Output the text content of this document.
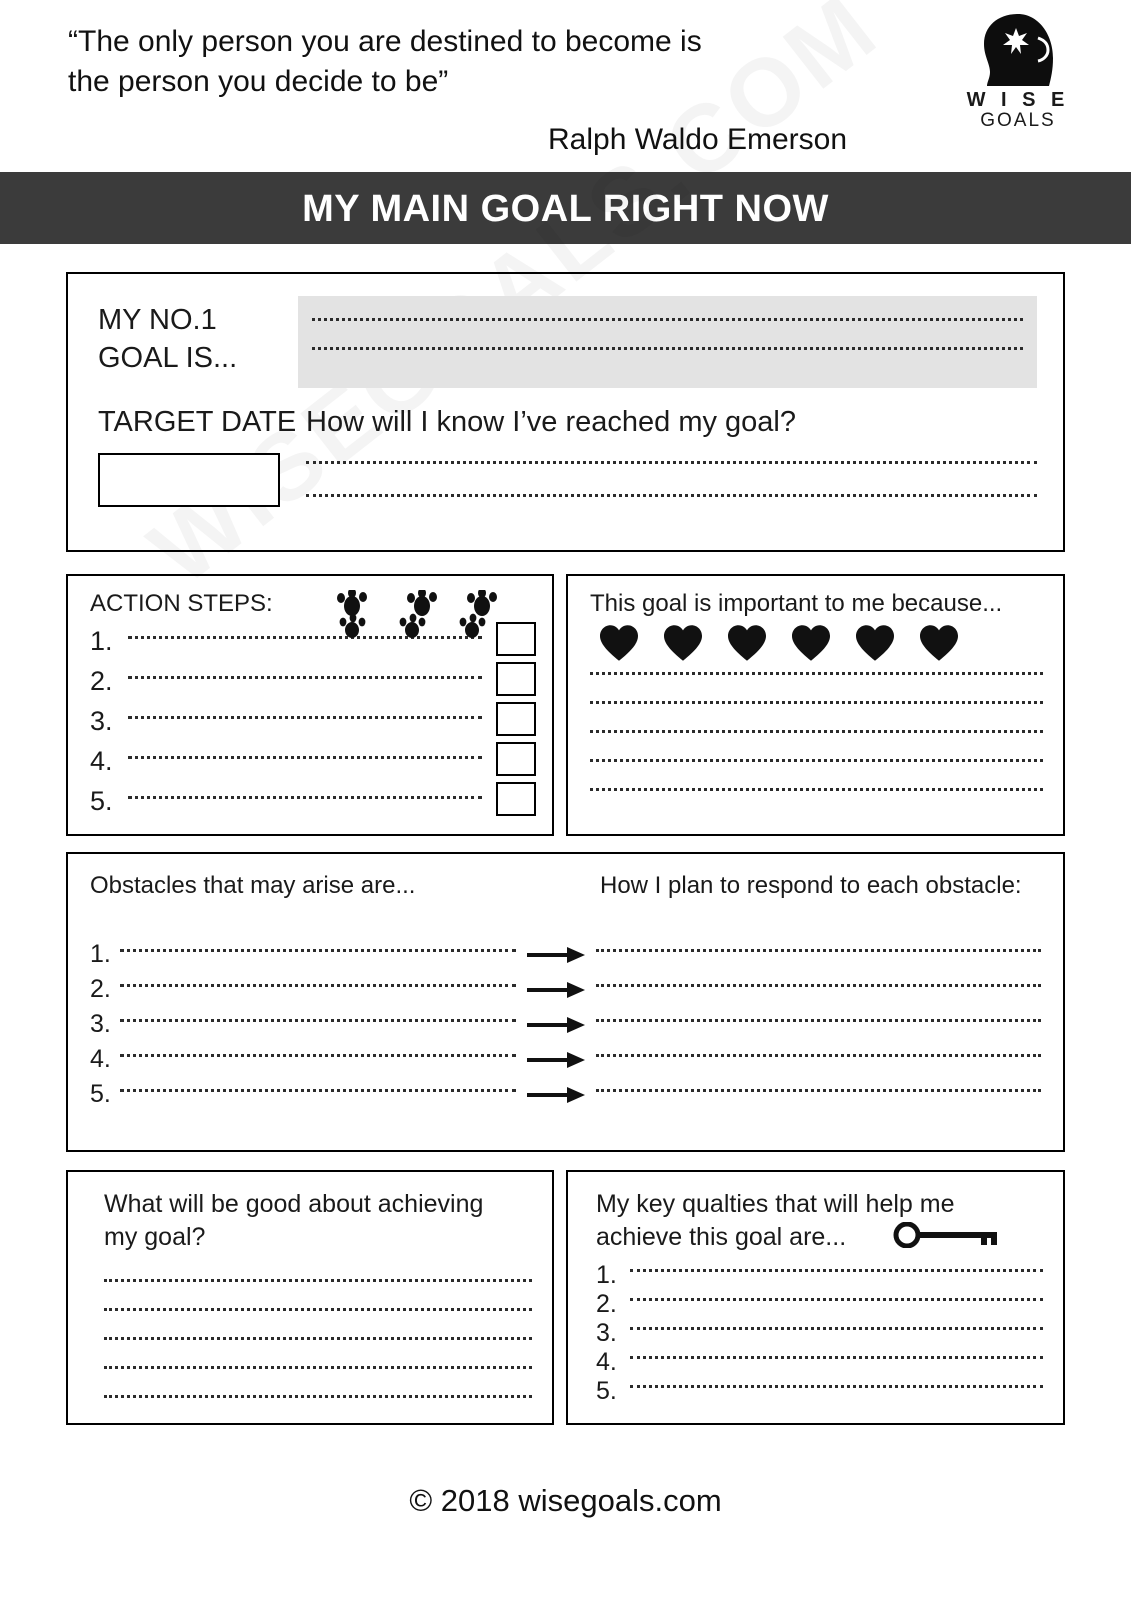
“The only person you are destined to become is the person you decide to be”
Ralph Waldo Emerson
W I S E
GOALS
MY MAIN GOAL RIGHT NOW
MY NO.1
GOAL IS...
TARGET DATE How will I know I’ve reached my goal?
ACTION STEPS:
1.
2.
3.
4.
5.
This goal is important to me because...
Obstacles that may arise are...	How I plan to respond to each obstacle:
1.
2.
3.
4.
5.
What will be good about achieving
my goal?
My key qualties that will help me
achieve this goal are...
1.
2.
3.
4.
5.
© 2018 wisegoals.com
